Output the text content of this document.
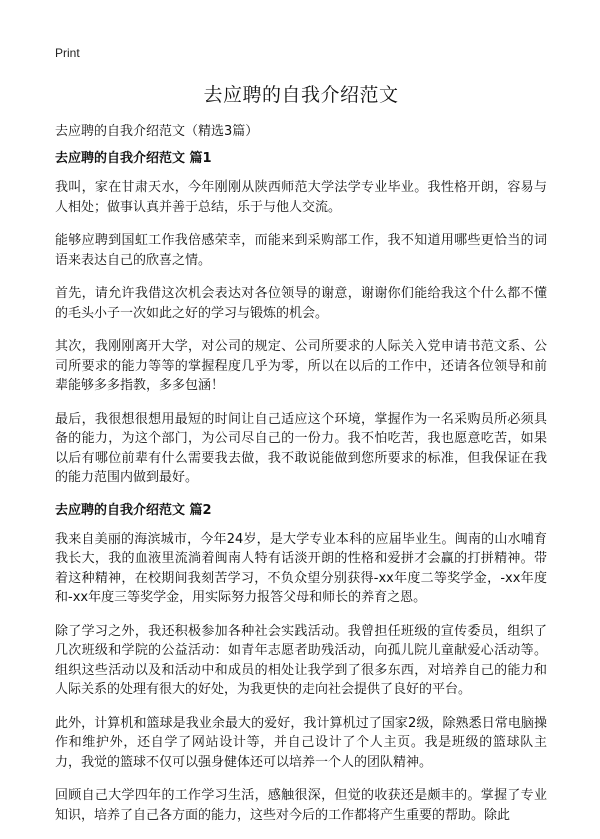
Print
去应聘的自我介绍范文
去应聘的自我介绍范文（精选3篇）
去应聘的自我介绍范文 篇1

我叫，家在甘肃天水，今年刚刚从陕西师范大学法学专业毕业。我性格开朗，容易与人相处；做事认真并善于总结，乐于与他人交流。

能够应聘到国虹工作我倍感荣幸，而能来到采购部工作，我不知道用哪些更恰当的词语来表达自己的欣喜之情。

首先，请允许我借这次机会表达对各位领导的谢意，谢谢你们能给我这个什么都不懂的毛头小子一次如此之好的学习与锻炼的机会。

其次，我刚刚离开大学，对公司的规定、公司所要求的人际关入党申请书范文系、公司所要求的能力等等的掌握程度几乎为零，所以在以后的工作中，还请各位领导和前辈能够多多指教，多多包涵！

最后，我很想很想用最短的时间让自己适应这个环境，掌握作为一名采购员所必须具备的能力，为这个部门，为公司尽自己的一份力。我不怕吃苦，我也愿意吃苦，如果以后有哪位前辈有什么需要我去做，我不敢说能做到您所要求的标准，但我保证在我的能力范围内做到最好。

去应聘的自我介绍范文 篇2

我来自美丽的海滨城市，今年24岁，是大学专业本科的应届毕业生。闽南的山水哺育我长大，我的血液里流淌着闽南人特有话淡开朗的性格和爱拼才会赢的打拼精神。带着这种精神，在校期间我刻苦学习，不负众望分别获得-xx年度二等奖学金，-xx年度和-xx年度三等奖学金，用实际努力报答父母和师长的养育之恩。

除了学习之外，我还积极参加各种社会实践活动。我曾担任班级的宣传委员，组织了几次班级和学院的公益活动：如青年志愿者助残活动，向孤儿院儿童献爱心活动等。组织这些活动以及和活动中和成员的相处让我学到了很多东西，对培养自己的能力和人际关系的处理有很大的好处，为我更快的走向社会提供了良好的平台。

此外，计算机和篮球是我业余最大的爱好，我计算机过了国家2级，除熟悉日常电脑操作和维护外，还自学了网站设计等，并自己设计了个人主页。我是班级的篮球队主力，我觉的篮球不仅可以强身健体还可以培养一个人的团队精神。

回顾自己大学四年的工作学习生活，感触很深，但觉的收获还是颇丰的。掌握了专业知识，培养了自己各方面的能力，这些对今后的工作都将产生重要的帮助。除此
